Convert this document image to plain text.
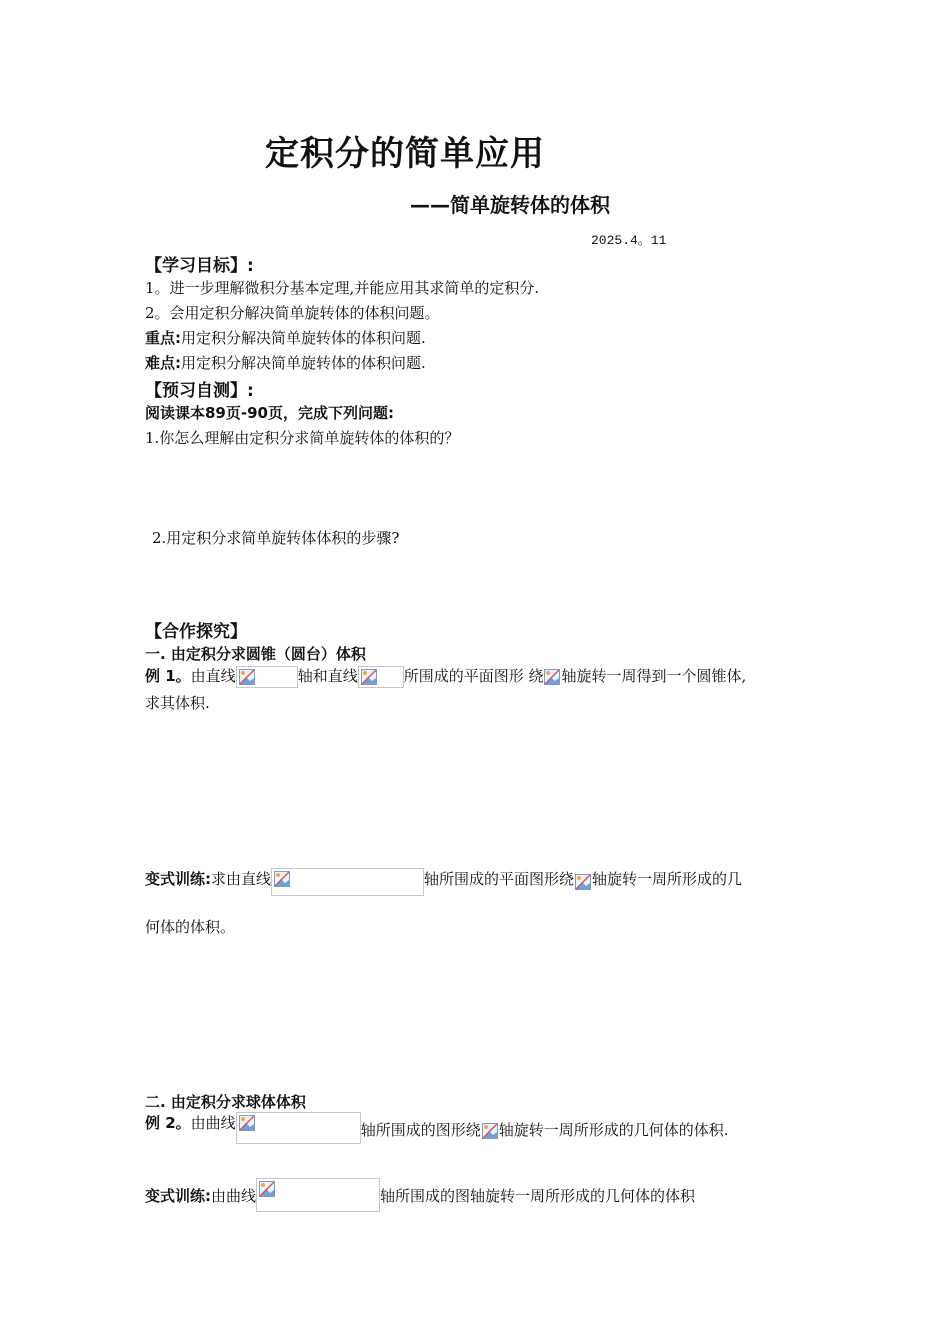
定积分的简单应用
——简单旋转体的体积
2025.4。11
【学习目标】:
1。进一步理解微积分基本定理,并能应用其求简单的定积分.
2。会用定积分解决简单旋转体的体积问题。
重点:用定积分解决简单旋转体的体积问题.
难点:用定积分解决简单旋转体的体积问题.
【预习自测】:
阅读课本89页-90页，完成下列问题:
1.你怎么理解由定积分求简单旋转体的体积的？
2.用定积分求简单旋转体体积的步骤?
【合作探究】
一. 由定积分求圆锥（圆台）体积
例 1。由直线	轴和直线	所围成的平面图形 绕 轴旋转一周得到一个圆锥体,
求其体积.
变式训练:求由直线	轴所围成的平面图形绕 轴旋转一周所形成的几
何体的体积。
二. 由定积分求球体体积
例 2。由曲线	轴所围成的图形绕 轴旋转一周所形成的几何体的体积.
变式训练:由曲线	轴所围成的图轴旋转一周所形成的几何体的体积
